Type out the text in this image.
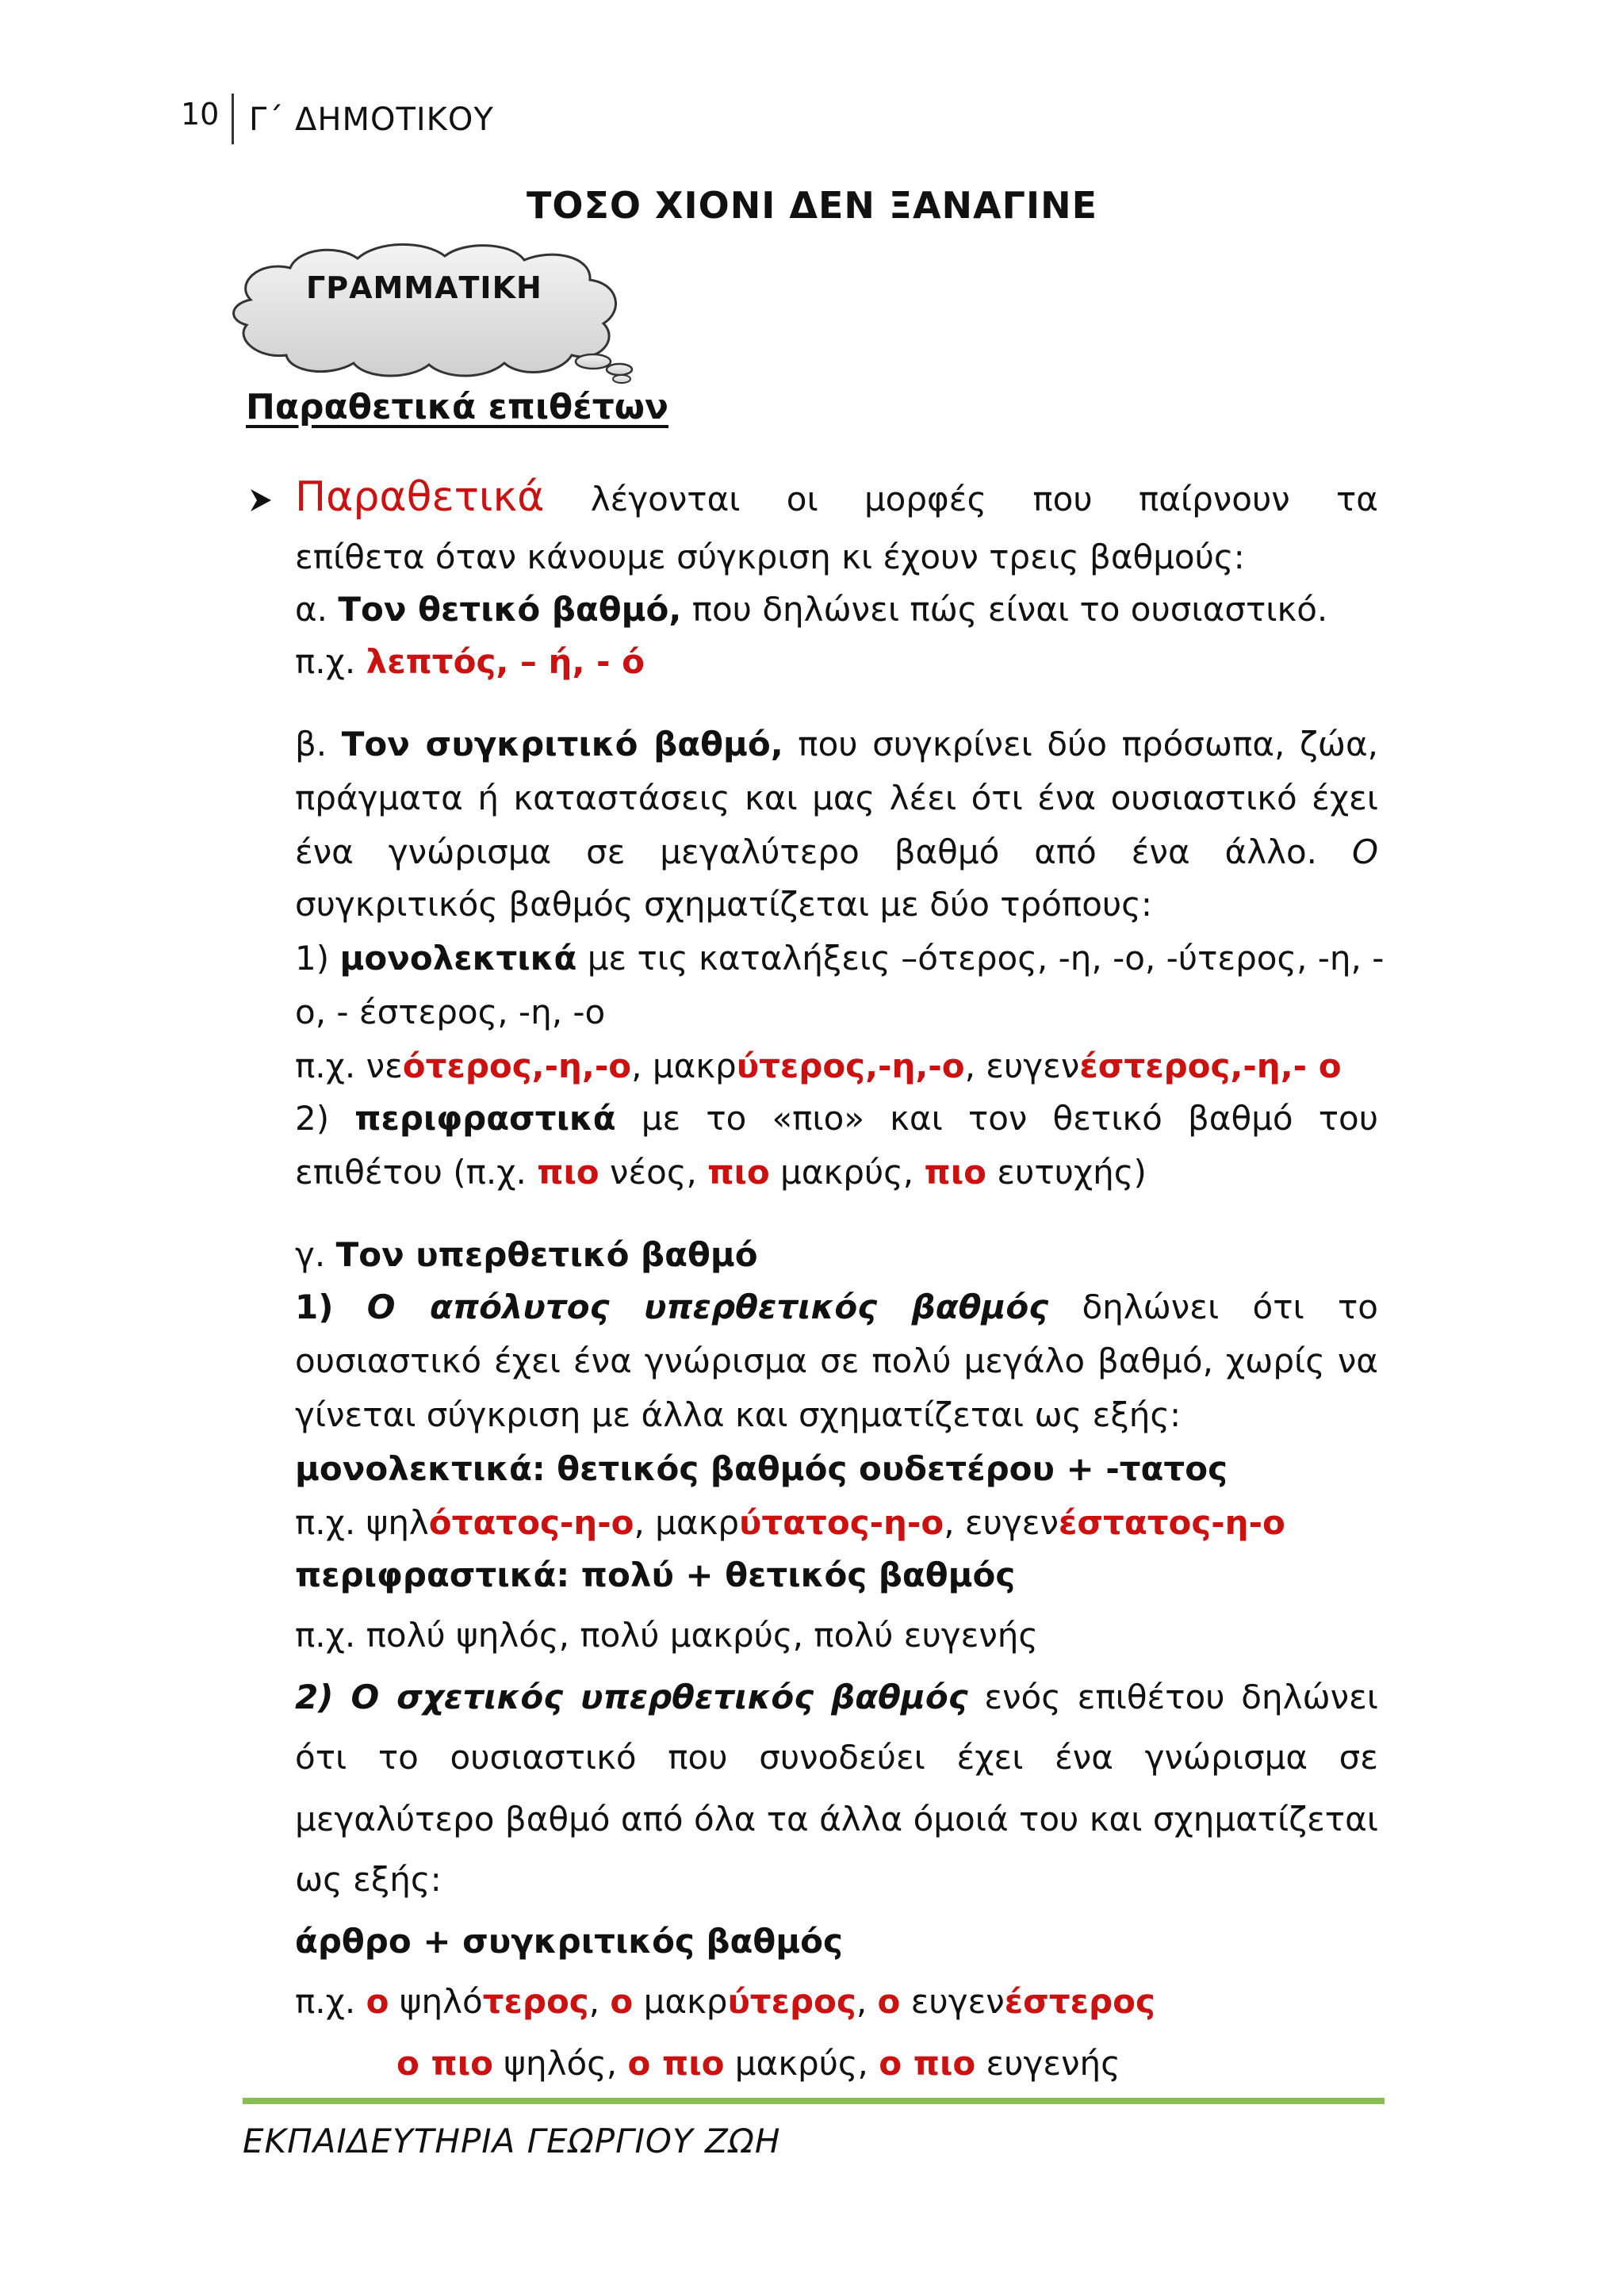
10 Γ΄ ΔΗΜΟΤΙΚΟΥ
ΤΟΣΟ ΧΙΟΝΙ ΔΕΝ ΞΑΝΑΓΙΝΕ
ΓΡΑΜΜΑΤΙΚΗ
Παραθετικά επιθέτων
Παραθετικά λέγονται οι μορφές που παίρνουν τα
επίθετα όταν κάνουμε σύγκριση κι έχουν τρεις βαθμούς:
α. Τον θετικό βαθμό, που δηλώνει πώς είναι το ουσιαστικό.
π.χ. λεπτός, – ή, - ό
β. Τον συγκριτικό βαθμό, που συγκρίνει δύο πρόσωπα, ζώα,
πράγματα ή καταστάσεις και μας λέει ότι ένα ουσιαστικό έχει
ένα γνώρισμα σε μεγαλύτερο βαθμό από ένα άλλο. Ο
συγκριτικός βαθμός σχηματίζεται με δύο τρόπους:
1) μονολεκτικά με τις καταλήξεις –ότερος, -η, -ο, -ύτερος, -η, -
ο, - έστερος, -η, -ο
π.χ. νεότερος,-η,-ο, μακρύτερος,-η,-ο, ευγενέστερος,-η,- ο
2) περιφραστικά με το «πιο» και τον θετικό βαθμό του
επιθέτου (π.χ. πιο νέος, πιο μακρύς, πιο ευτυχής)
γ. Τον υπερθετικό βαθμό
1) Ο απόλυτος υπερθετικός βαθμός δηλώνει ότι το
ουσιαστικό έχει ένα γνώρισμα σε πολύ μεγάλο βαθμό, χωρίς να
γίνεται σύγκριση με άλλα και σχηματίζεται ως εξής:
μονολεκτικά: θετικός βαθμός ουδετέρου + -τατος
π.χ. ψηλότατος-η-ο, μακρύτατος-η-ο, ευγενέστατος-η-ο
περιφραστικά: πολύ + θετικός βαθμός
π.χ. πολύ ψηλός, πολύ μακρύς, πολύ ευγενής
2) Ο σχετικός υπερθετικός βαθμός ενός επιθέτου δηλώνει
ότι το ουσιαστικό που συνοδεύει έχει ένα γνώρισμα σε
μεγαλύτερο βαθμό από όλα τα άλλα όμοιά του και σχηματίζεται
ως εξής:
άρθρο + συγκριτικός βαθμός
π.χ. ο ψηλότερος, ο μακρύτερος, ο ευγενέστερος
ο πιο ψηλός, ο πιο μακρύς, ο πιο ευγενής
ΕΚΠΑΙΔΕΥΤΗΡΙΑ ΓΕΩΡΓΙΟΥ ΖΩΗ
